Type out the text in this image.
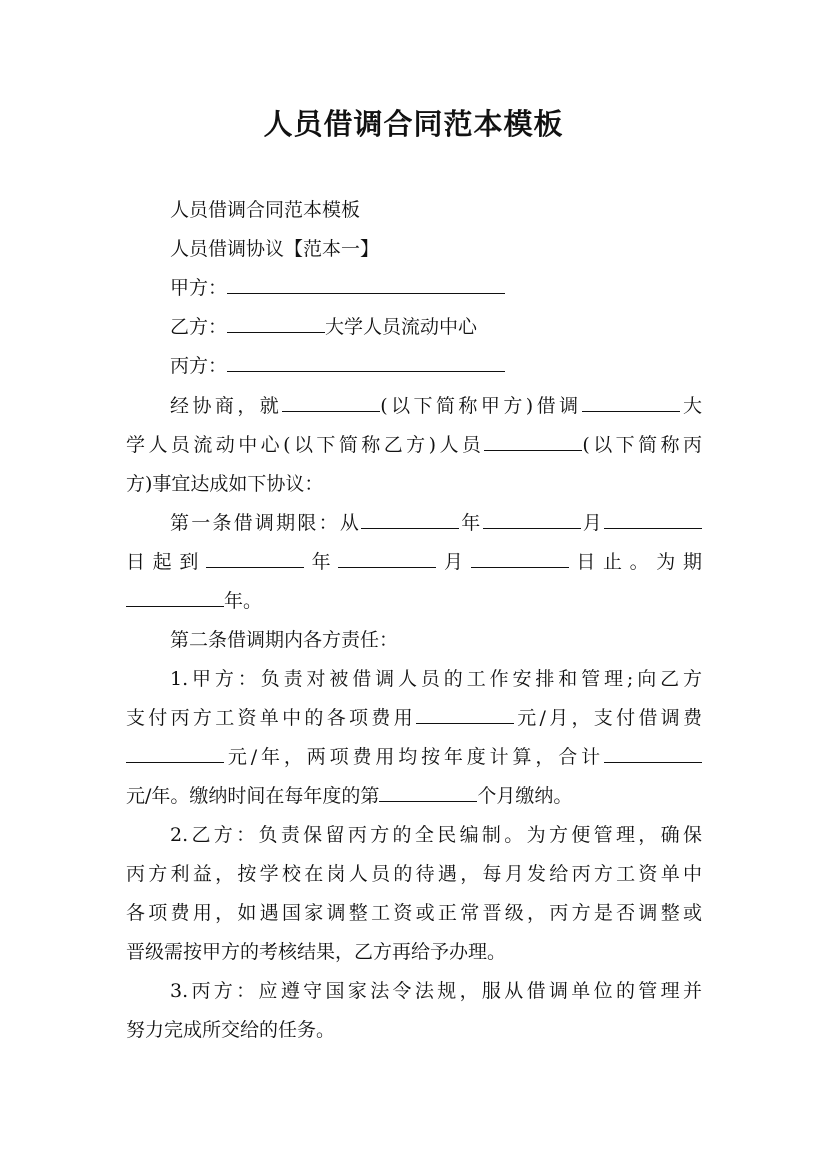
人员借调合同范本模板
人员借调合同范本模板
人员借调协议【范本一】
甲方：
乙方：	大学人员流动中心
丙方：
经协商，就	(以下简称甲方)借调	大
学人员流动中心(以下简称乙方)人员	(以下简称丙
方)事宜达成如下协议：
第一条借调期限：从	年	月
日起到	年	月	日止。为期
年。
第二条借调期内各方责任：
1.甲方：负责对被借调人员的工作安排和管理;向乙方
支付丙方工资单中的各项费用	元/月，支付借调费
元/年，两项费用均按年度计算，合计
元/年。缴纳时间在每年度的第	个月缴纳。
2.乙方：负责保留丙方的全民编制。为方便管理，确保
丙方利益，按学校在岗人员的待遇，每月发给丙方工资单中
各项费用，如遇国家调整工资或正常晋级，丙方是否调整或
晋级需按甲方的考核结果，乙方再给予办理。
3.丙方：应遵守国家法令法规，服从借调单位的管理并
努力完成所交给的任务。
